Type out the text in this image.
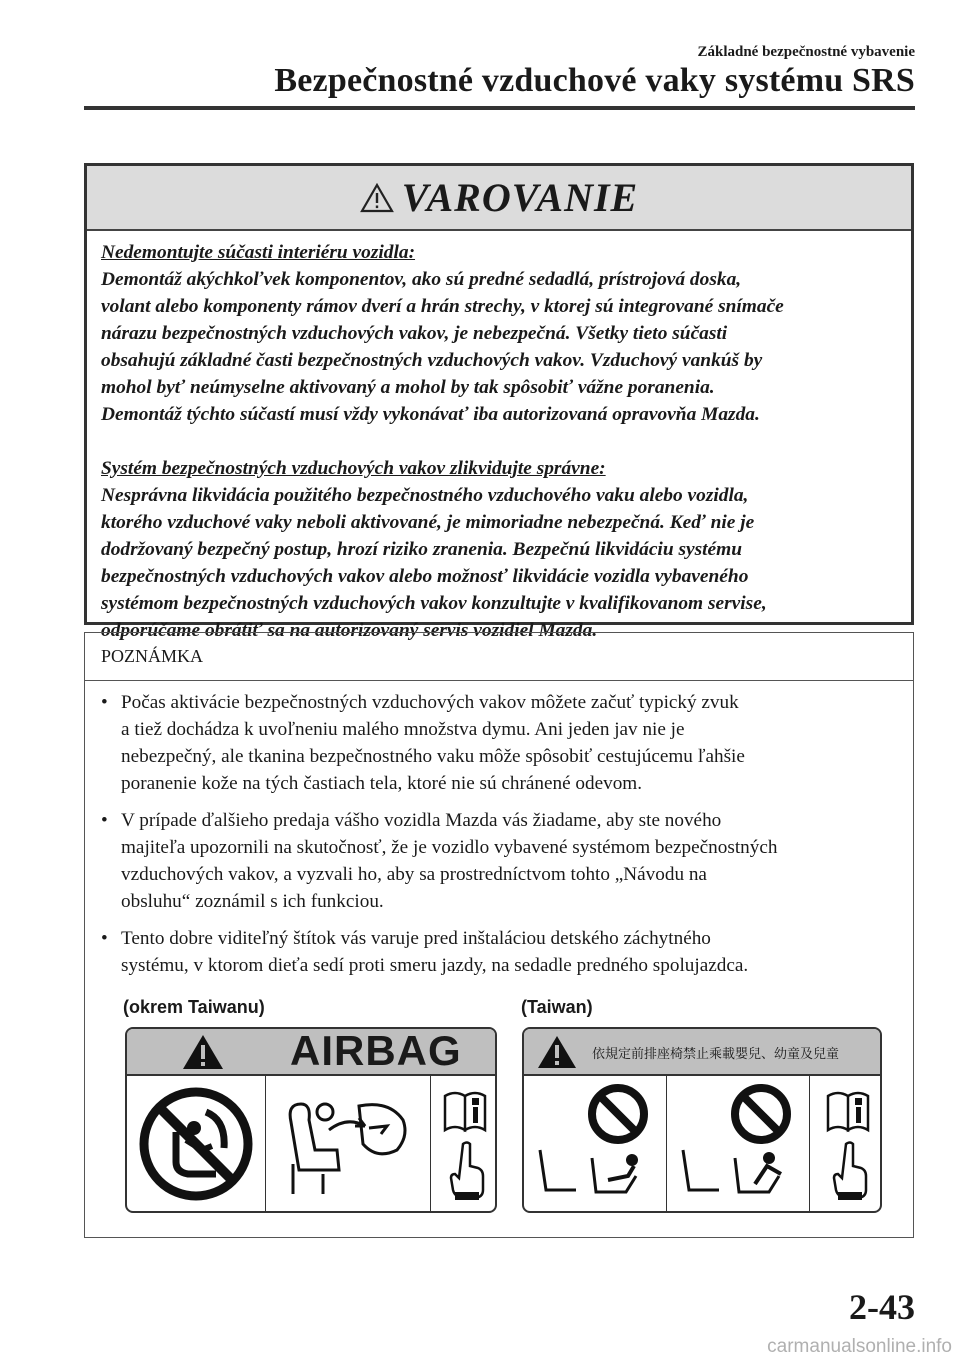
Základné bezpečnostné vybavenie
Bezpečnostné vzduchové vaky systému SRS
VAROVANIE

Nedemontujte súčasti interiéru vozidla:

Demontáž akýchkoľvek komponentov, ako sú predné sedadlá, prístrojová doska,

volant alebo komponenty rámov dverí a hrán strechy, v ktorej sú integrované snímače

nárazu bezpečnostných vzduchových vakov, je nebezpečná. Všetky tieto súčasti

obsahujú základné časti bezpečnostných vzduchových vakov. Vzduchový vankúš by

mohol byť neúmyselne aktivovaný a mohol by tak spôsobiť vážne poranenia.

Demontáž týchto súčastí musí vždy vykonávať iba autorizovaná opravovňa Mazda.

Systém bezpečnostných vzduchových vakov zlikvidujte správne:

Nesprávna likvidácia použitého bezpečnostného vzduchového vaku alebo vozidla,

ktorého vzduchové vaky neboli aktivované, je mimoriadne nebezpečná. Keď nie je

dodržovaný bezpečný postup, hrozí riziko zranenia. Bezpečnú likvidáciu systému

bezpečnostných vzduchových vakov alebo možnosť likvidácie vozidla vybaveného

systémom bezpečnostných vzduchových vakov konzultujte v kvalifikovanom servise,

odporúčame obrátiť sa na autorizovaný servis vozidiel Mazda.

POZNÁMKA
• Počas aktivácie bezpečnostných vzduchových vakov môžete začuť typický zvuk
a tiež dochádza k uvoľneniu malého množstva dymu. Ani jeden jav nie je
nebezpečný, ale tkanina bezpečnostného vaku môže spôsobiť cestujúcemu ľahšie
poranenie kože na tých častiach tela, ktoré nie sú chránené odevom.
• V prípade ďalšieho predaja vášho vozidla Mazda vás žiadame, aby ste nového
majiteľa upozornili na skutočnosť, že je vozidlo vybavené systémom bezpečnostných
vzduchových vakov, a vyzvali ho, aby sa prostredníctvom tohto „Návodu na
obsluhu“ zoznámil s ich funkciou.
• Tento dobre viditeľný štítok vás varuje pred inštaláciou detského záchytného
systému, v ktorom dieťa sedí proti smeru jazdy, na sedadle predného spolujazdca.
(okrem Taiwanu)	(Taiwan)
AIRBAG	依規定前排座椅禁止乘載嬰兒、幼童及兒童
2-43
carmanualsonline.info
